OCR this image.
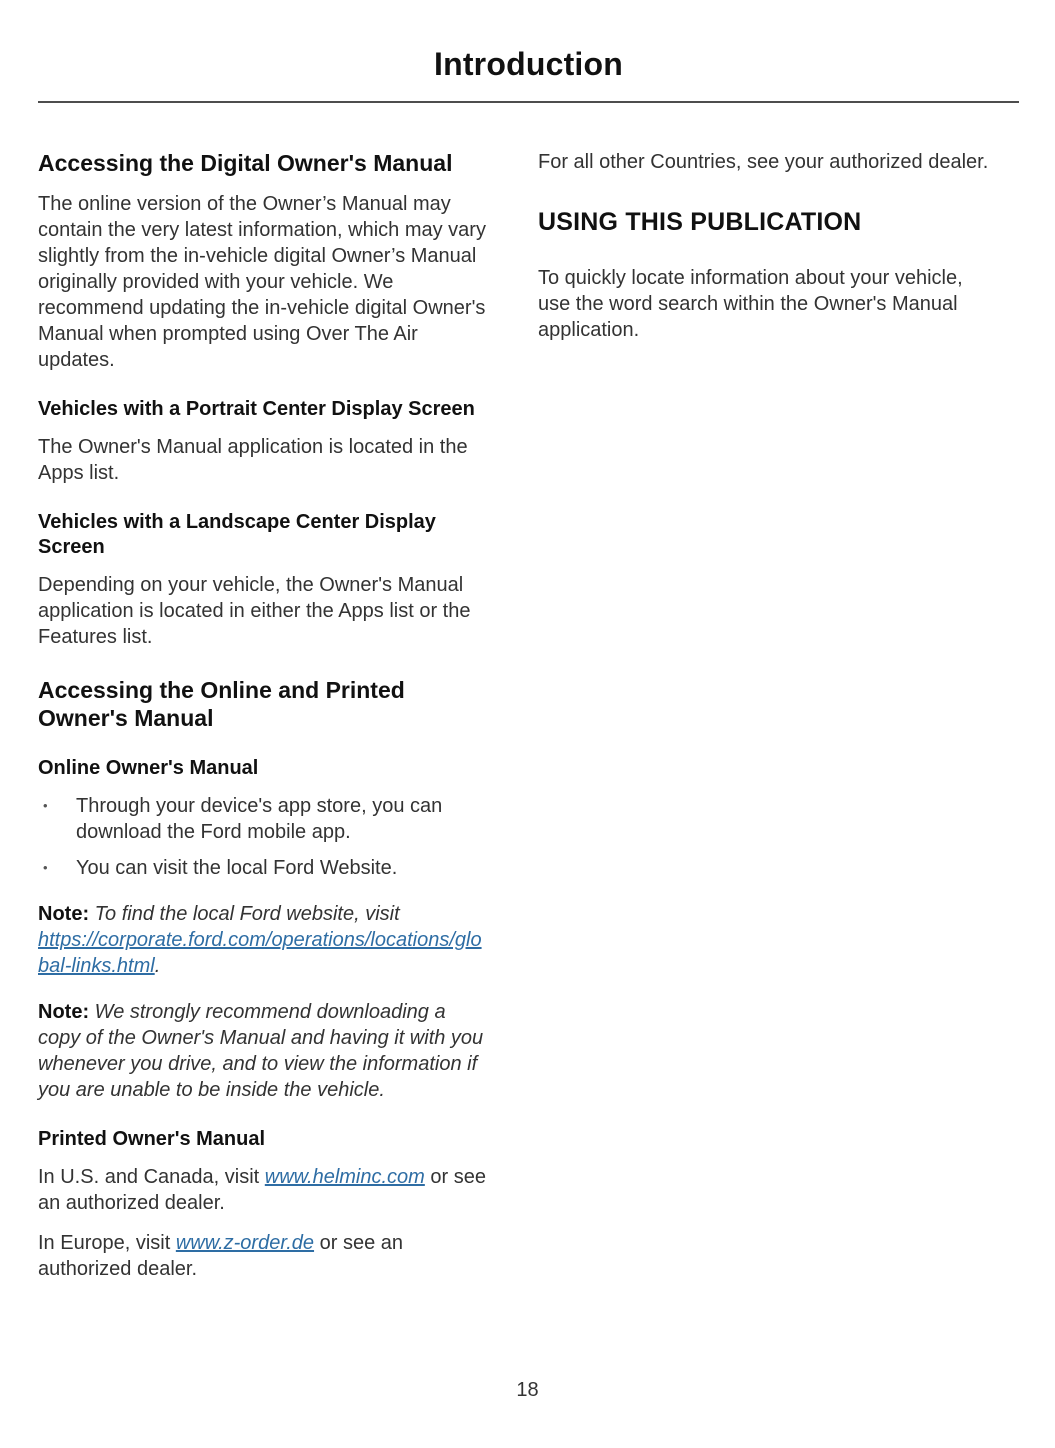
Introduction
Accessing the Digital Owner's Manual

The online version of the Owner’s Manual may contain the very latest information, which may vary slightly from the in-vehicle digital Owner’s Manual originally provided with your vehicle. We recommend updating the in-vehicle digital Owner's Manual when prompted using Over The Air updates.

Vehicles with a Portrait Center Display Screen

The Owner's Manual application is located in the Apps list.

Vehicles with a Landscape Center Display Screen

Depending on your vehicle, the Owner's Manual application is located in either the Apps list or the Features list.

Accessing the Online and Printed Owner's Manual
Online Owner's Manual
•	Through your device's app store, you can download the Ford mobile app.
•	You can visit the local Ford Website.

Note: To find the local Ford website, visit https://corporate.ford.com/operations/locations/global-links.html.

Note: We strongly recommend downloading a copy of the Owner's Manual and having it with you whenever you drive, and to view the information if you are unable to be inside the vehicle.

Printed Owner's Manual

In U.S. and Canada, visit www.helminc.com or see an authorized dealer.

In Europe, visit www.z-order.de or see an authorized dealer.

For all other Countries, see your authorized dealer.

USING THIS PUBLICATION

To quickly locate information about your vehicle, use the word search within the Owner's Manual application.

18
